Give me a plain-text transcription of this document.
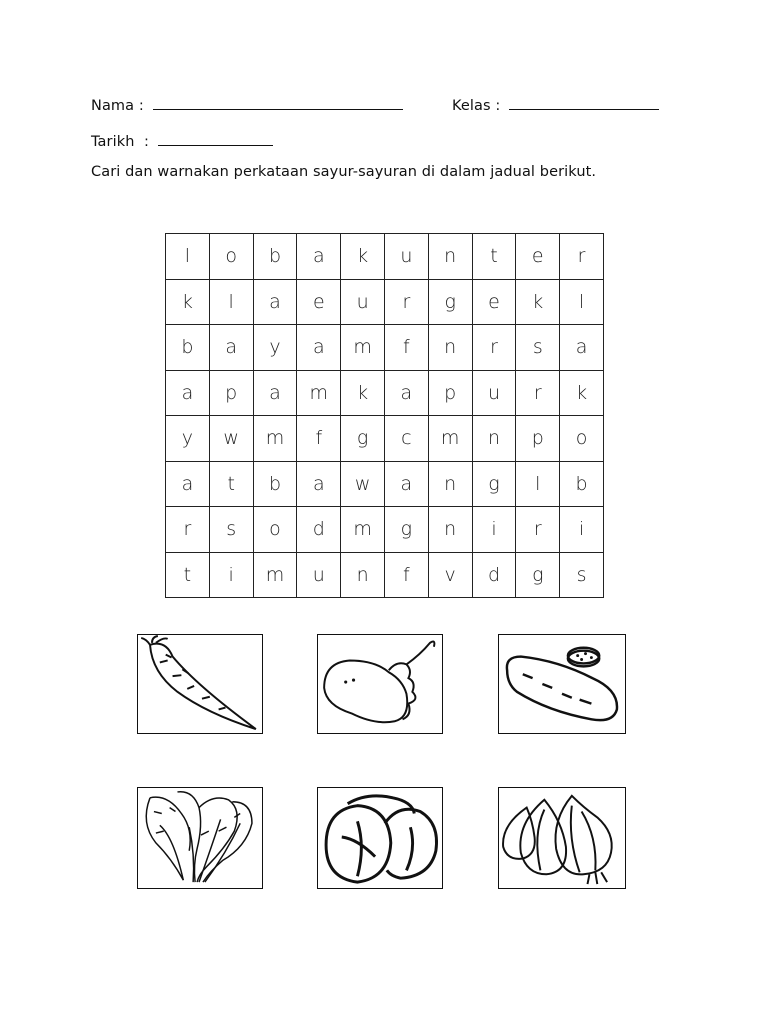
Nama :	Kelas :
Tarikh  :
Cari dan warnakan perkataan sayur-sayuran di dalam jadual berikut.
l	o	b	a	k	u	n	t	e	r
k	l	a	e	u	r	g	e	k	l
b	a	y	a	m	f	n	r	s	a
a	p	a	m	k	a	p	u	r	k
y	w	m	f	g	c	m	n	p	o
a	t	b	a	w	a	n	g	l	b
r	s	o	d	m	g	n	i	r	i
t	i	m	u	n	f	v	d	g	s
